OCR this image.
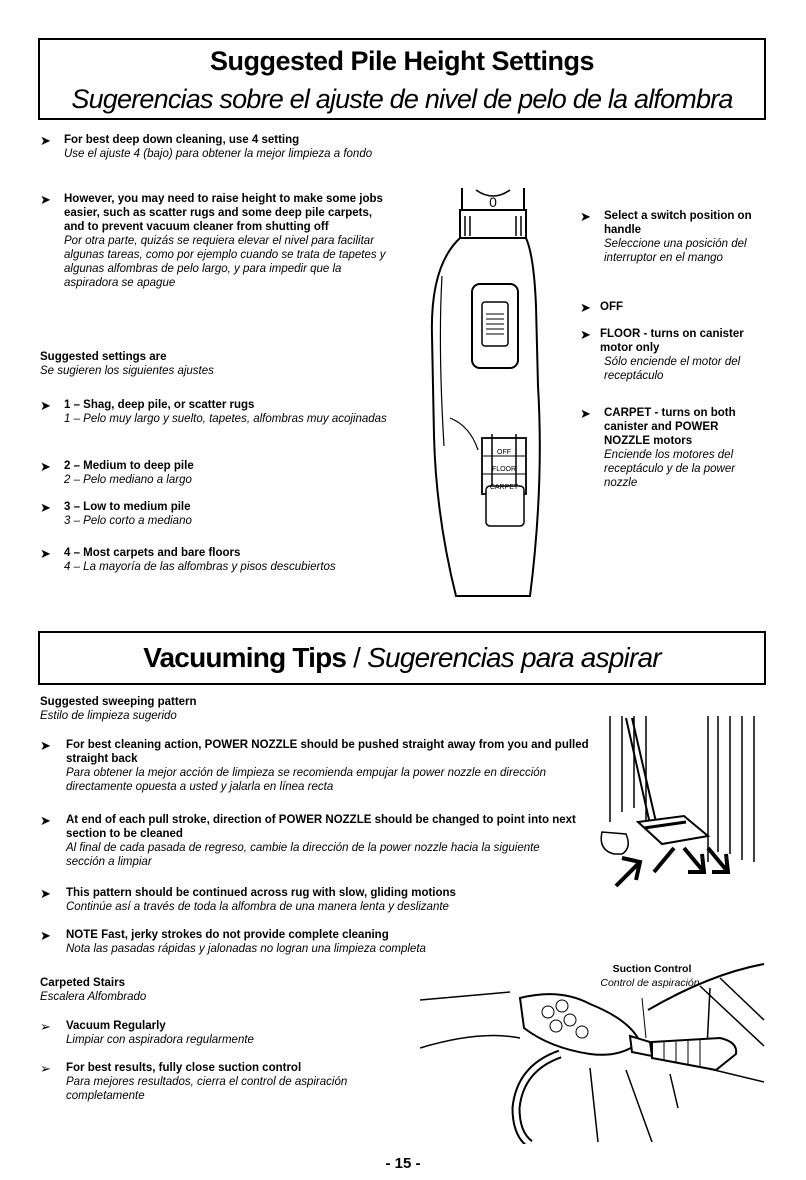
Suggested Pile Height Settings
Sugerencias sobre el ajuste de nivel de pelo de la alfombra
➤ For best deep down cleaning, use 4 setting
Use el ajuste 4 (bajo) para obtener la mejor limpieza a fondo
➤ However, you may need to raise height to make some jobs easier, such as scatter rugs and some deep pile carpets, and to prevent vacuum cleaner from shutting off
Por otra parte, quizás se requiera elevar el nivel para facilitar algunas tareas, como por ejemplo cuando se trata de tapetes y algunas alfombras de pelo largo, y para impedir que la aspiradora se apague
Suggested settings are
Se sugieren los siguientes ajustes
➤ 1 – Shag, deep pile, or scatter rugs
1 – Pelo muy largo y suelto, tapetes, alfombras muy acojinadas
➤ 2 – Medium to deep pile
2 – Pelo mediano a largo
➤ 3 – Low to medium pile
3 – Pelo corto a mediano
➤ 4 – Most carpets and bare floors
4 – La mayoría de las alfombras y pisos descubiertos
0
OFF
FLOOR
CARPET
➤ Select a switch position on handle
Seleccione una posición del interruptor en el mango
➤ OFF
➤ FLOOR - turns on canister motor only
Sólo enciende el motor del receptáculo
➤ CARPET - turns on both canister and POWER NOZZLE motors
Enciende los motores del receptáculo y de la power nozzle
Vacuuming Tips / Sugerencias para aspirar
Suggested sweeping pattern
Estilo de limpieza sugerido
➤ For best cleaning action, POWER NOZZLE should be pushed straight away from you and pulled straight back
Para obtener la mejor acción de limpieza se recomienda empujar la power nozzle en dirección directamente opuesta a usted y jalarla en línea recta
➤ At end of each pull stroke, direction of POWER NOZZLE should be changed to point into next section to be cleaned
Al final de cada pasada de regreso, cambie la dirección de la power nozzle hacia la siguiente sección a limpiar
➤ This pattern should be continued across rug with slow, gliding motions
Continúe así a través de toda la alfombra de una manera lenta y deslizante
➤ NOTE Fast, jerky strokes do not provide complete cleaning
Nota las pasadas rápidas y jalonadas no logran una limpieza completa
Carpeted Stairs
Escalera Alfombrado
➢ Vacuum Regularly
Limpiar con aspiradora regularmente
➢ For best results, fully close suction control
Para mejores resultados, cierra el control de aspiración completamente
Suction Control
Control de aspiración
- 15 -
